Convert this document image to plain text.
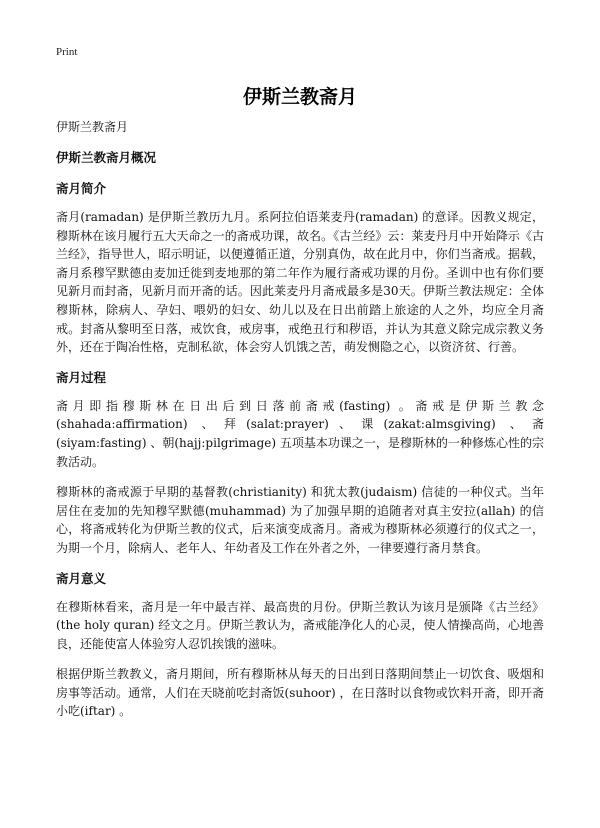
Print
伊斯兰教斋月

伊斯兰教斋月

伊斯兰教斋月概况

斋月简介

斋月(ramadan) 是伊斯兰教历九月。系阿拉伯语莱麦丹(ramadan) 的意译。因教义规定，穆斯林在该月履行五大天命之一的斋戒功课，故名。《古兰经》云：莱麦丹月中开始降示《古兰经》，指导世人，昭示明证，以便遵循正道，分别真伪，故在此月中，你们当斋戒。据载，斋月系穆罕默德由麦加迁徙到麦地那的第二年作为履行斋戒功课的月份。圣训中也有你们要见新月而封斋，见新月而开斋的话。因此莱麦丹月斋戒最多是30天。伊斯兰教法规定：全体穆斯林，除病人、孕妇、喂奶的妇女、幼儿以及在日出前踏上旅途的人之外，均应全月斋戒。封斋从黎明至日落，戒饮食，戒房事，戒绝丑行和秽语，并认为其意义除完成宗教义务外，还在于陶冶性格，克制私欲，体会穷人饥饿之苦，萌发恻隐之心，以资济贫、行善。

斋月过程

斋月即指穆斯林在日出后到日落前斋戒(fasting) 。斋戒是伊斯兰教念(shahada:affirmation) 、拜(salat:prayer)、课(zakat:almsgiving) 、斋(siyam:fasting) 、朝(hajj:pilgrimage) 五项基本功课之一，是穆斯林的一种修炼心性的宗教活动。

穆斯林的斋戒源于早期的基督教(christianity) 和犹太教(judaism) 信徒的一种仪式。当年居住在麦加的先知穆罕默德(muhammad) 为了加强早期的追随者对真主安拉(allah) 的信心，将斋戒转化为伊斯兰教的仪式，后来演变成斋月。斋戒为穆斯林必须遵行的仪式之一，为期一个月，除病人、老年人、年幼者及工作在外者之外，一律要遵行斋月禁食。

斋月意义

在穆斯林看来，斋月是一年中最吉祥、最高贵的月份。伊斯兰教认为该月是颁降《古兰经》(the holy quran) 经文之月。伊斯兰教认为，斋戒能净化人的心灵，使人情操高尚，心地善良，还能使富人体验穷人忍饥挨饿的滋味。

根据伊斯兰教教义，斋月期间，所有穆斯林从每天的日出到日落期间禁止一切饮食、吸烟和房事等活动。通常，人们在天晓前吃封斋饭(suhoor) ，在日落时以食物或饮料开斋，即开斋小吃(iftar) 。
